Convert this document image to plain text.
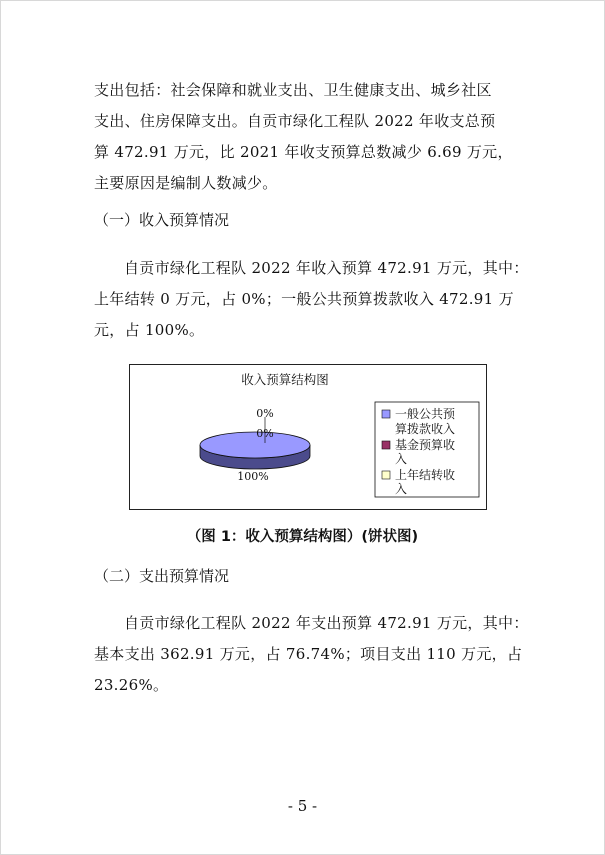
支出包括：社会保障和就业支出、卫生健康支出、城乡社区
支出、住房保障支出。自贡市绿化工程队 2022 年收支总预
算 472.91 万元，比 2021 年收支预算总数减少 6.69 万元，
主要原因是编制人数减少。

（一）收入预算情况

自贡市绿化工程队 2022 年收入预算 472.91 万元，其中：
上年结转 0 万元，占 0%；一般公共预算拨款收入 472.91 万
元，占 100%。

收入预算结构图
100%
0%
0%
一般公共预
算拨款收入
基金预算收
入
上年结转收
入
（图 1：收入预算结构图）(饼状图)
（二）支出预算情况

自贡市绿化工程队 2022 年支出预算 472.91 万元，其中：
基本支出 362.91 万元，占 76.74%；项目支出 110 万元，占
23.26%。

- 5 -
